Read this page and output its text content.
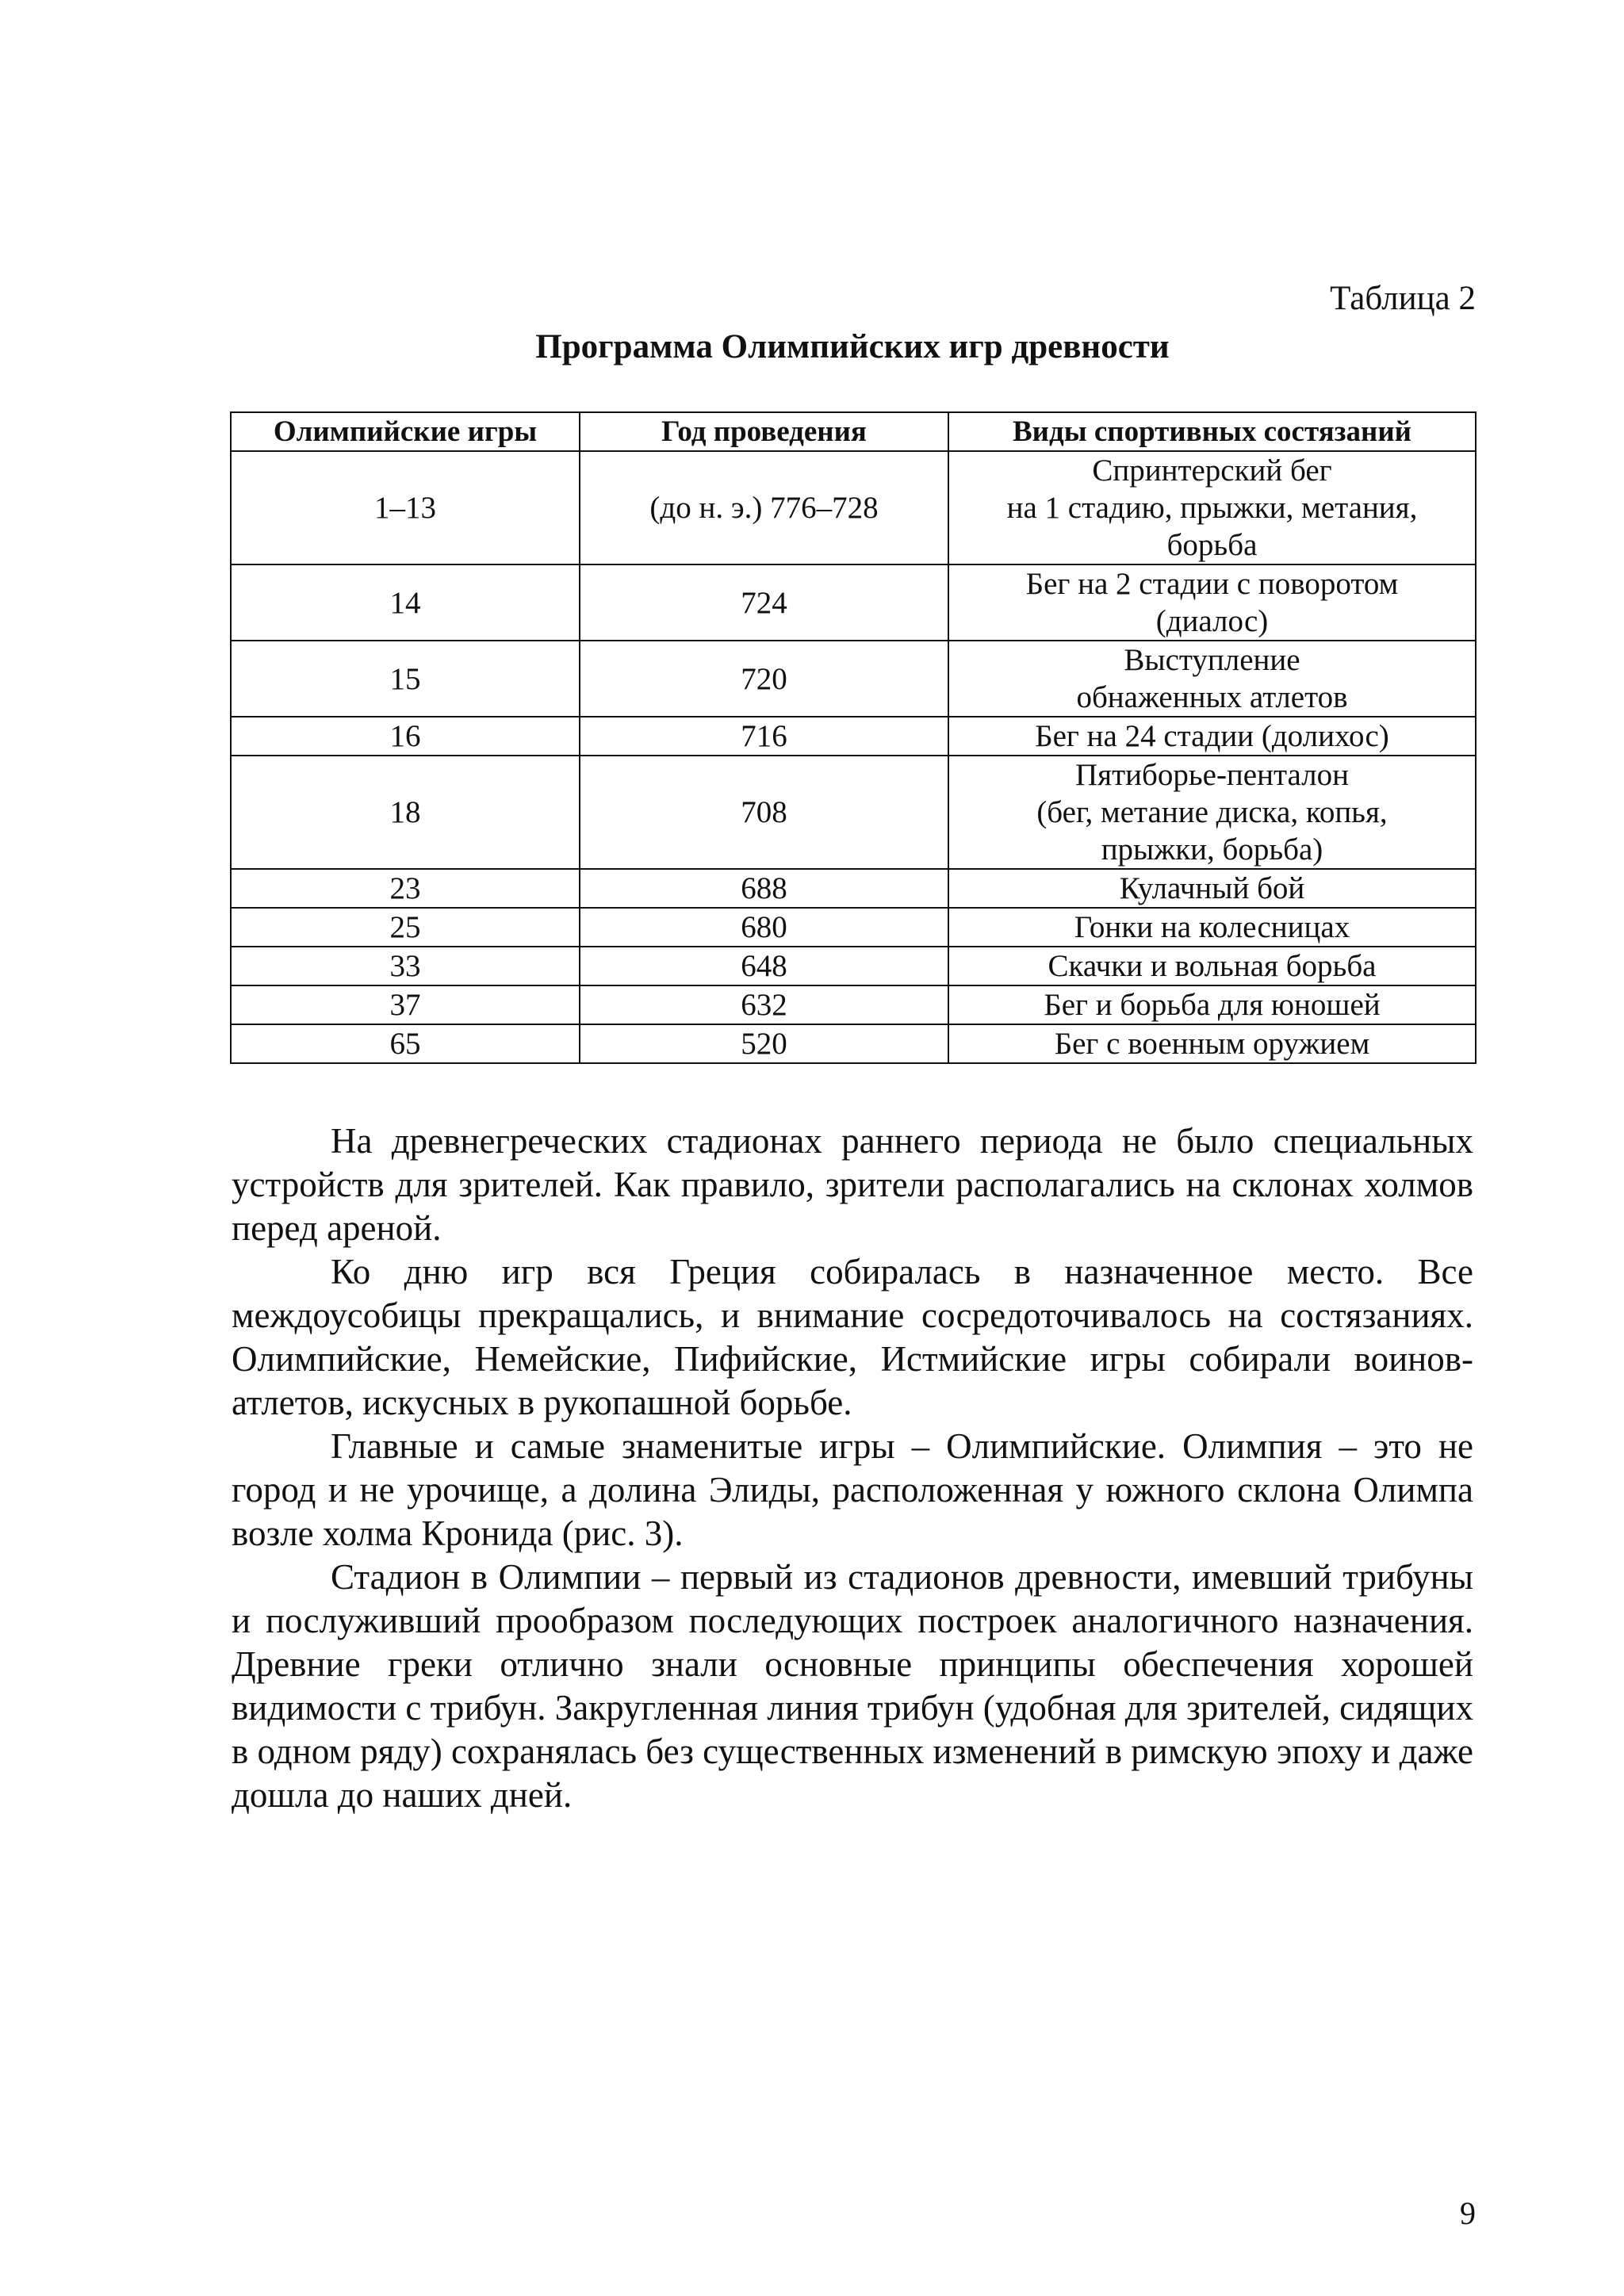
Таблица 2
Программа Олимпийских игр древности
Олимпийские игры	Год проведения	Виды спортивных состязаний
1–13	(до н. э.) 776–728	Спринтерский бег
на 1 стадию, прыжки, метания,
борьба

14	724	Бег на 2 стадии с поворотом
(диалос)

15	720	Выступление
обнаженных атлетов

16	716	Бег на 24 стадии (долихос)

18	708	Пятиборье-пенталон
(бег, метание диска, копья,
прыжки, борьба)

23	688	Кулачный бой

25	680	Гонки на колесницах

33	648	Скачки и вольная борьба

37	632	Бег и борьба для юношей

65	520	Бег с военным оружием

На древнегреческих стадионах раннего периода не было специальных устройств для зрителей. Как правило, зрители располагались на склонах холмов перед ареной.

Ко дню игр вся Греция собиралась в назначенное место. Все междоусобицы прекращались, и внимание сосредоточивалось на состязаниях. Олимпийские, Немейские, Пифийские, Истмийские игры собирали воинов-атлетов, искусных в рукопашной борьбе.

Главные и самые знаменитые игры – Олимпийские. Олимпия – это не город и не урочище, а долина Элиды, расположенная у южного склона Олимпа возле холма Кронида (рис. 3).

Стадион в Олимпии – первый из стадионов древности, имевший трибуны и послуживший прообразом последующих построек аналогичного назначения. Древние греки отлично знали основные принципы обеспечения хорошей видимости с трибун. Закругленная линия трибун (удобная для зрителей, сидящих в одном ряду) сохранялась без существенных изменений в римскую эпоху и даже дошла до наших дней.

9
